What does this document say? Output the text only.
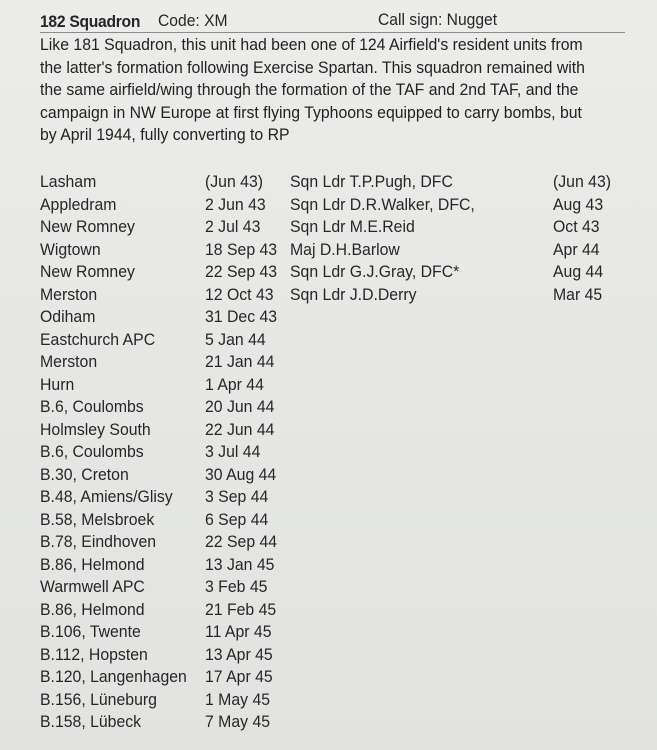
182 Squadron Code: XM	Call sign: Nugget

Like 181 Squadron, this unit had been one of 124 Airfield's resident units from

the latter's formation following Exercise Spartan. This squadron remained with

the same airfield/wing through the formation of the TAF and 2nd TAF, and the

campaign in NW Europe at first flying Typhoons equipped to carry bombs, but

by April 1944, fully converting to RP

Lasham	(Jun 43)
Appledram	2 Jun 43
New Romney	2 Jul 43
Wigtown	18 Sep 43
New Romney	22 Sep 43
Merston	12 Oct 43
Odiham	31 Dec 43
Eastchurch APC	5 Jan 44
Merston	21 Jan 44
Hurn	1 Apr 44
B.6, Coulombs	20 Jun 44
Holmsley South	22 Jun 44
B.6, Coulombs	3 Jul 44
B.30, Creton	30 Aug 44
B.48, Amiens/Glisy 3 Sep 44
B.58, Melsbroek	6 Sep 44
B.78, Eindhoven	22 Sep 44
B.86, Helmond	13 Jan 45
Warmwell APC	3 Feb 45
B.86, Helmond	21 Feb 45
B.106, Twente	11 Apr 45
B.112, Hopsten	13 Apr 45
B.120, Langenhagen 17 Apr 45
B.156, Lüneburg	1 May 45
B.158, Lübeck	7 May 45
Sqn Ldr T.P.Pugh, DFC	(Jun 43)
Sqn Ldr D.R.Walker, DFC,	Aug 43
Sqn Ldr M.E.Reid	Oct 43
Maj D.H.Barlow	Apr 44
Sqn Ldr G.J.Gray, DFC*	Aug 44
Sqn Ldr J.D.Derry	Mar 45
